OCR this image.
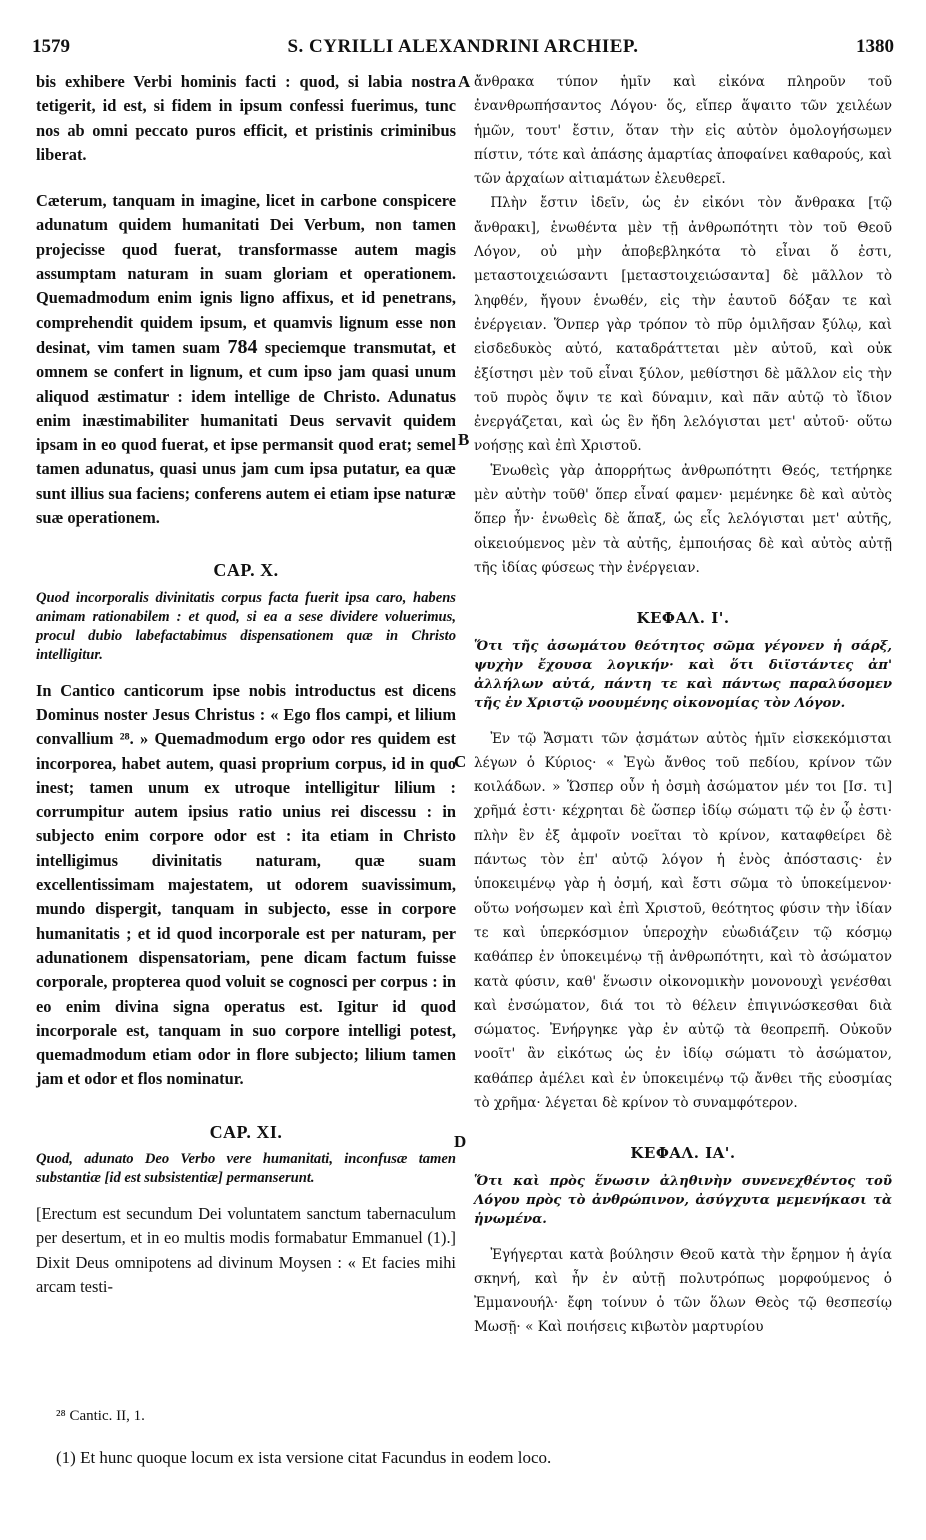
1579	S. CYRILLI ALEXANDRINI ARCHIEP.	1380
A
B
C
D

bis exhibere Verbi hominis facti : quod, si labia nostra tetigerit, id est, si fidem in ipsum confessi fuerimus, tunc nos ab omni peccato puros efficit, et pristinis criminibus liberat.

Cæterum, tanquam in imagine, licet in carbone conspicere adunatum quidem humanitati Dei Verbum, non tamen projecisse quod fuerat, transformasse autem magis assumptam naturam in suam gloriam et operationem. Quemadmodum enim ignis ligno affixus, et id penetrans, comprehendit quidem ipsum, et quamvis lignum esse non desinat, vim tamen suam 784 speciemque transmutat, et omnem se confert in lignum, et cum ipso jam quasi unum aliquod æstimatur : idem intellige de Christo. Adunatus enim inæstimabiliter humanitati Deus servavit quidem ipsam in eo quod fuerat, et ipse permansit quod erat; semel tamen adunatus, quasi unus jam cum ipsa putatur, ea quæ sunt illius sua faciens; conferens autem ei etiam ipse naturæ suæ operationem.

CAP. X.
Quod incorporalis divinitatis corpus facta fuerit ipsa caro, habens animam rationabilem : et quod, si ea a sese dividere voluerimus, procul dubio labefactabimus dispensationem quæ in Christo intelligitur.

In Cantico canticorum ipse nobis introductus est dicens Dominus noster Jesus Christus : « Ego flos campi, et lilium convallium ²⁸. » Quemadmodum ergo odor res quidem est incorporea, habet autem, quasi proprium corpus, id in quo inest; tamen unum ex utroque intelligitur lilium : corrumpitur autem ipsius ratio unius rei discessu : in subjecto enim corpore odor est : ita etiam in Christo intelligimus divinitatis naturam, quæ suam excellentissimam majestatem, ut odorem suavissimum, mundo dispergit, tanquam in subjecto, esse in corpore humanitatis ; et id quod incorporale est per naturam, per adunationem dispensatoriam, pene dicam factum fuisse corporale, propterea quod voluit se cognosci per corpus : in eo enim divina signa operatus est. Igitur id quod incorporale est, tanquam in suo corpore intelligi potest, quemadmodum etiam odor in flore subjecto; lilium tamen jam et odor et flos nominatur.

CAP. XI.
Quod, adunato Deo Verbo vere humanitati, inconfusæ tamen substantiæ [id est subsistentiæ] permanserunt.

[Erectum est secundum Dei voluntatem sanctum tabernaculum per desertum, et in eo multis modis formabatur Emmanuel (1).] Dixit Deus omnipotens ad divinum Moysen : « Et facies mihi arcam testi-

ἄνθρακα τύπον ἡμῖν καὶ εἰκόνα πληροῦν τοῦ ἐνανθρωπήσαντος Λόγου· ὅς, εἴπερ ἅψαιτο τῶν χειλέων ἡμῶν, τουτ' ἔστιν, ὅταν τὴν εἰς αὐτὸν ὁμολογήσωμεν πίστιν, τότε καὶ ἁπάσης ἁμαρτίας ἀποφαίνει καθαρούς, καὶ τῶν ἀρχαίων αἰτιαμάτων ἐλευθερεῖ.

Πλὴν ἔστιν ἰδεῖν, ὡς ἐν εἰκόνι τὸν ἄνθρακα [τῷ ἄνθρακι], ἑνωθέντα μὲν τῇ ἀνθρωπότητι τὸν τοῦ Θεοῦ Λόγον, οὐ μὴν ἀποβεβληκότα τὸ εἶναι ὅ ἐστι, μεταστοιχειώσαντι [μεταστοιχειώσαντα] δὲ μᾶλλον τὸ ληφθέν, ἤγουν ἑνωθέν, εἰς τὴν ἑαυτοῦ δόξαν τε καὶ ἐνέργειαν. Ὅνπερ γὰρ τρόπον τὸ πῦρ ὁμιλῆσαν ξύλῳ, καὶ εἰσδεδυκὸς αὐτό, καταδράττεται μὲν αὐτοῦ, καὶ οὐκ ἐξίστησι μὲν τοῦ εἶναι ξύλον, μεθίστησι δὲ μᾶλλον εἰς τὴν τοῦ πυρὸς ὄψιν τε καὶ δύναμιν, καὶ πᾶν αὐτῷ τὸ ἴδιον ἐνεργάζεται, καὶ ὡς ἓν ἤδη λελόγισται μετ' αὐτοῦ· οὕτω νοήσῃς καὶ ἐπὶ Χριστοῦ.

Ἑνωθεὶς γὰρ ἀπορρήτως ἀνθρωπότητι Θεός, τετήρηκε μὲν αὐτὴν τοῦθ' ὅπερ εἶναί φαμεν· μεμένηκε δὲ καὶ αὐτὸς ὅπερ ἦν· ἑνωθεὶς δὲ ἅπαξ, ὡς εἷς λελόγισται μετ' αὐτῆς, οἰκειούμενος μὲν τὰ αὐτῆς, ἐμποιήσας δὲ καὶ αὐτὸς αὐτῇ τῆς ἰδίας φύσεως τὴν ἐνέργειαν.

ΚΕΦΑΛ. Ι'.
Ὅτι τῆς ἀσωμάτου θεότητος σῶμα γέγονεν ἡ σάρξ, ψυχὴν ἔχουσα λογικήν· καὶ ὅτι διϊστάντες ἀπ' ἀλλήλων αὐτά, πάντη τε καὶ πάντως παραλύσομεν τῆς ἐν Χριστῷ νοουμένης οἰκονομίας τὸν Λόγον.

Ἐν τῷ Ἄσματι τῶν ᾀσμάτων αὐτὸς ἡμῖν εἰσκεκόμισται λέγων ὁ Κύριος· « Ἐγὼ ἄνθος τοῦ πεδίου, κρίνον τῶν κοιλάδων. » Ὥσπερ οὖν ἡ ὀσμὴ ἀσώματον μέν τοι [Ισ. τι] χρῆμά ἐστι· κέχρηται δὲ ὥσπερ ἰδίῳ σώματι τῷ ἐν ᾧ ἐστι· πλὴν ἓν ἐξ ἀμφοῖν νοεῖται τὸ κρίνον, καταφθείρει δὲ πάντως τὸν ἐπ' αὐτῷ λόγον ἡ ἑνὸς ἀπόστασις· ἐν ὑποκειμένῳ γὰρ ἡ ὀσμή, καὶ ἔστι σῶμα τὸ ὑποκείμενον· οὕτω νοήσωμεν καὶ ἐπὶ Χριστοῦ, θεότητος φύσιν τὴν ἰδίαν τε καὶ ὑπερκόσμιον ὑπεροχὴν εὐωδιάζειν τῷ κόσμῳ καθάπερ ἐν ὑποκειμένῳ τῇ ἀνθρωπότητι, καὶ τὸ ἀσώματον κατὰ φύσιν, καθ' ἕνωσιν οἰκονομικὴν μονονουχὶ γενέσθαι καὶ ἐνσώματον, διά τοι τὸ θέλειν ἐπιγινώσκεσθαι διὰ σώματος. Ἐνήργηκε γὰρ ἐν αὐτῷ τὰ θεοπρεπῆ. Οὐκοῦν νοοῖτ' ἂν εἰκότως ὡς ἐν ἰδίῳ σώματι τὸ ἀσώματον, καθάπερ ἀμέλει καὶ ἐν ὑποκειμένῳ τῷ ἄνθει τῆς εὐοσμίας τὸ χρῆμα· λέγεται δὲ κρίνον τὸ συναμφότερον.

ΚΕΦΑΛ. ΙΑ'.
Ὅτι καὶ πρὸς ἕνωσιν ἀληθινὴν συνενεχθέντος τοῦ Λόγου πρὸς τὸ ἀνθρώπινον, ἀσύγχυτα μεμενήκασι τὰ ἡνωμένα.

Ἐγήγερται κατὰ βούλησιν Θεοῦ κατὰ τὴν ἔρημον ἡ ἁγία σκηνή, καὶ ἦν ἐν αὐτῇ πολυτρόπως μορφούμενος ὁ Ἐμμανουήλ· ἔφη τοίνυν ὁ τῶν ὅλων Θεὸς τῷ θεσπεσίῳ Μωσῇ· « Καὶ ποιήσεις κιβωτὸν μαρτυρίου

²⁸ Cantic. II, 1.
(1) Et hunc quoque locum ex ista versione citat Facundus in eodem loco.
